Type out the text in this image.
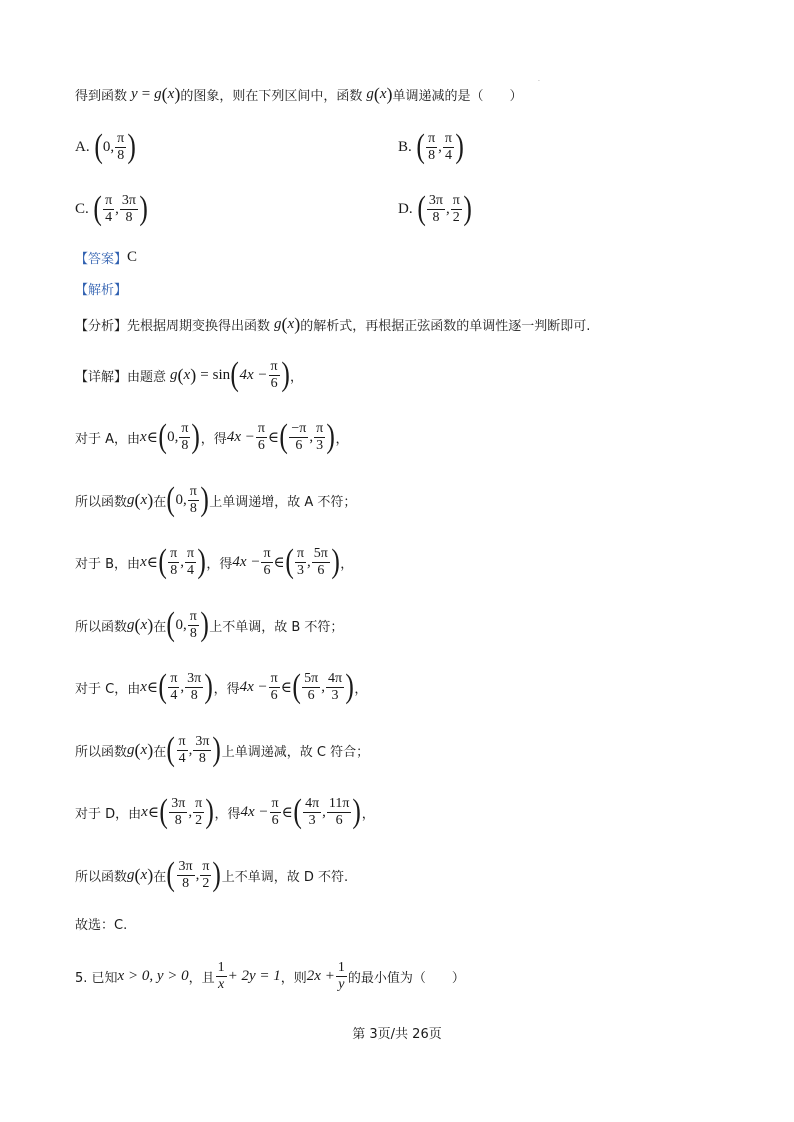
·
得到函数 y = g ( x ) 的图象，则在下列区间中，函数 g ( x ) 单调递减的是（　　）
A. ( 0, $\frac{\pi}{8}$ )	B. ( $\frac{\pi}{8}$ , $\frac{\pi}{4}$ )
C. ( $\frac{\pi}{4}$ , $\frac{3\pi}{8}$ )	D. ( $\frac{3\pi}{8}$ , $\frac{\pi}{2}$ )
【答案】 C
【解析】
【分析】 先根据周期变换得出函数 g ( x ) 的解析式，再根据正弦函数的单调性逐一判断即可.
【详解】 由题意 g ( x ) = sin ( $4x - \frac{\pi}{6}$ ) ，
对于 A，由 x ∈ ( 0, $\frac{\pi}{8}$ ) ，得 $4x - \frac{\pi}{6}$ ∈ ( $\frac{-\pi}{6}$ , $\frac{\pi}{3}$ ) ，
所以函数 g ( x ) 在 ( 0, $\frac{\pi}{8}$ ) 上单调递增，故 A 不符；
对于 B，由 x ∈ ( $\frac{\pi}{8}$ , $\frac{\pi}{4}$ ) ，得 $4x - \frac{\pi}{6}$ ∈ ( $\frac{\pi}{3}$ , $\frac{5\pi}{6}$ ) ，
所以函数 g ( x ) 在 ( 0, $\frac{\pi}{8}$ ) 上不单调，故 B 不符；
对于 C，由 x ∈ ( $\frac{\pi}{4}$ , $\frac{3\pi}{8}$ ) ，得 $4x - \frac{\pi}{6}$ ∈ ( $\frac{5\pi}{6}$ , $\frac{4\pi}{3}$ ) ，
所以函数 g ( x ) 在 ( $\frac{\pi}{4}$ , $\frac{3\pi}{8}$ ) 上单调递减，故 C 符合；
对于 D，由 x ∈ ( $\frac{3\pi}{8}$ , $\frac{\pi}{2}$ ) ，得 $4x - \frac{\pi}{6}$ ∈ ( $\frac{4\pi}{3}$ , $\frac{11\pi}{6}$ ) ，
所以函数 g ( x ) 在 ( $\frac{3\pi}{8}$ , $\frac{\pi}{2}$ ) 上不单调，故 D 不符.
故选：C.
5. 已知 x > 0, y > 0 ，且 $\frac{1}{x} + 2y = 1$ ，则 $2x + \frac{1}{y}$ 的最小值为（　　）
第 3页/共 26页
